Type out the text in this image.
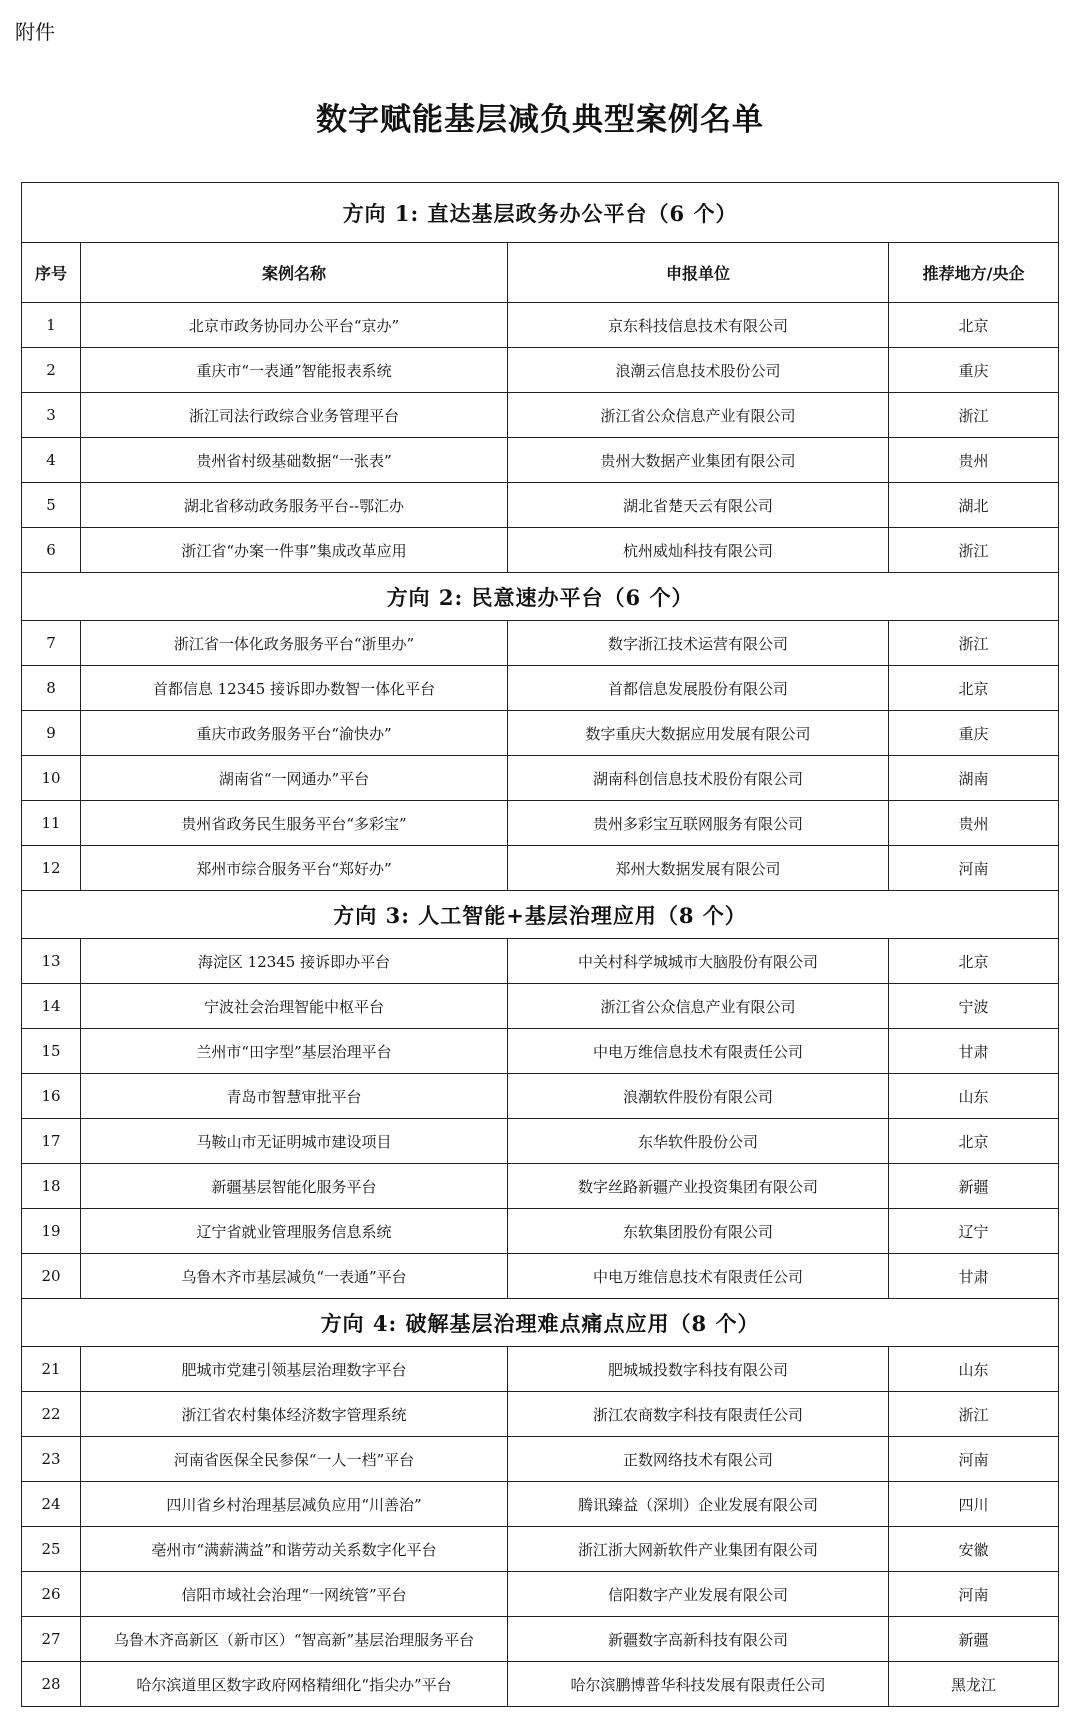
附件
数字赋能基层减负典型案例名单
方向 1: 直达基层政务办公平台（6 个）			
序号	案例名称	申报单位	推荐地方/央企
1	北京市政务协同办公平台“京办”	京东科技信息技术有限公司	北京
2	重庆市“一表通”智能报表系统	浪潮云信息技术股份公司	重庆
3	浙江司法行政综合业务管理平台	浙江省公众信息产业有限公司	浙江
4	贵州省村级基础数据“一张表”	贵州大数据产业集团有限公司	贵州
5	湖北省移动政务服务平台--鄂汇办	湖北省楚天云有限公司	湖北
6	浙江省“办案一件事”集成改革应用	杭州威灿科技有限公司	浙江
方向 2: 民意速办平台（6 个）			
7	浙江省一体化政务服务平台“浙里办”	数字浙江技术运营有限公司	浙江
8	首都信息 12345 接诉即办数智一体化平台	首都信息发展股份有限公司	北京
9	重庆市政务服务平台“渝快办”	数字重庆大数据应用发展有限公司	重庆
10	湖南省“一网通办”平台	湖南科创信息技术股份有限公司	湖南
11	贵州省政务民生服务平台“多彩宝”	贵州多彩宝互联网服务有限公司	贵州
12	郑州市综合服务平台“郑好办”	郑州大数据发展有限公司	河南
方向 3: 人工智能+基层治理应用（8 个）			
13	海淀区 12345 接诉即办平台	中关村科学城城市大脑股份有限公司	北京
14	宁波社会治理智能中枢平台	浙江省公众信息产业有限公司	宁波
15	兰州市“田字型”基层治理平台	中电万维信息技术有限责任公司	甘肃
16	青岛市智慧审批平台	浪潮软件股份有限公司	山东
17	马鞍山市无证明城市建设项目	东华软件股份公司	北京
18	新疆基层智能化服务平台	数字丝路新疆产业投资集团有限公司	新疆
19	辽宁省就业管理服务信息系统	东软集团股份有限公司	辽宁
20	乌鲁木齐市基层减负“一表通”平台	中电万维信息技术有限责任公司	甘肃
方向 4: 破解基层治理难点痛点应用（8 个）			
21	肥城市党建引领基层治理数字平台	肥城城投数字科技有限公司	山东
22	浙江省农村集体经济数字管理系统	浙江农商数字科技有限责任公司	浙江
23	河南省医保全民参保“一人一档”平台	正数网络技术有限公司	河南
24	四川省乡村治理基层减负应用“川善治”	腾讯臻益（深圳）企业发展有限公司	四川
25	亳州市“满薪满益”和谐劳动关系数字化平台	浙江浙大网新软件产业集团有限公司	安徽
26	信阳市域社会治理“一网统管”平台	信阳数字产业发展有限公司	河南
27	乌鲁木齐高新区（新市区）“智高新”基层治理服务平台	新疆数字高新科技有限公司	新疆
28	哈尔滨道里区数字政府网格精细化“指尖办”平台	哈尔滨鹏博普华科技发展有限责任公司	黑龙江
